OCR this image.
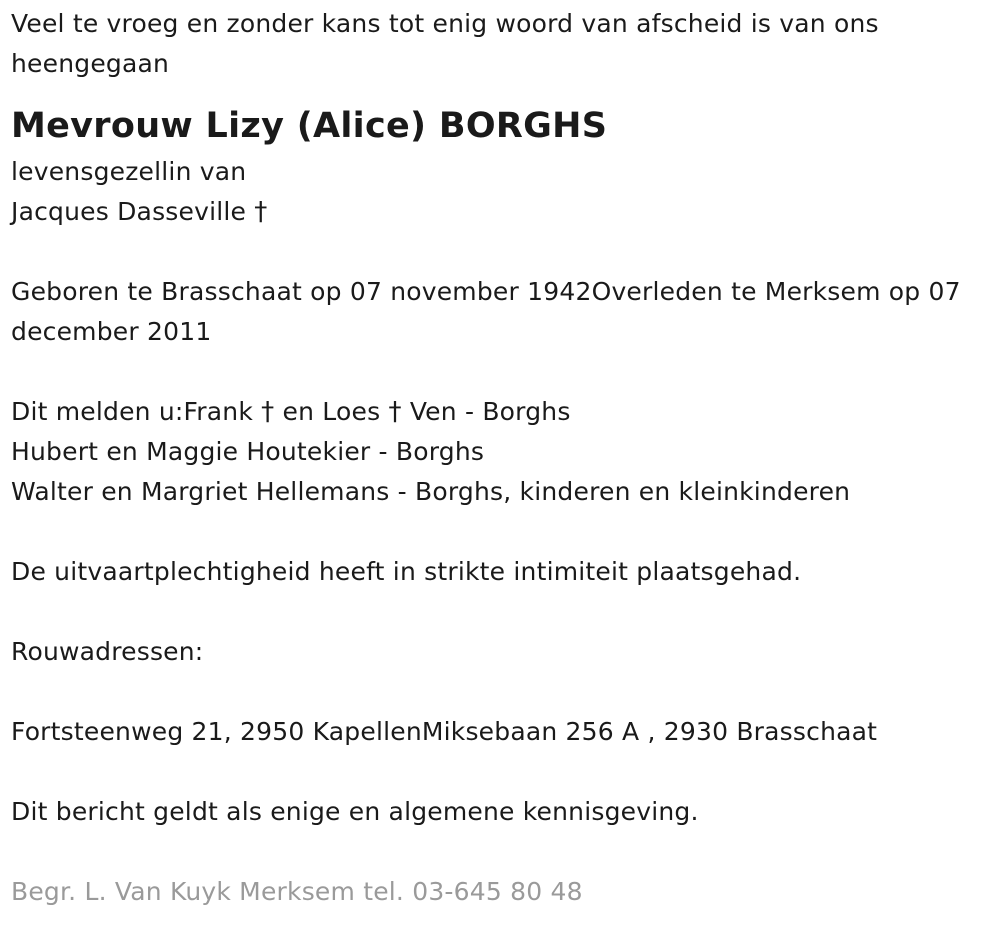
Veel te vroeg en zonder kans tot enig woord van afscheid is van ons heengegaan
Mevrouw Lizy (Alice) BORGHS
levensgezellin van
Jacques Dasseville †
Geboren te Brasschaat op 07 november 1942Overleden te Merksem op 07 december 2011
Dit melden u:Frank † en Loes † Ven - Borghs
Hubert en Maggie Houtekier - Borghs
Walter en Margriet Hellemans - Borghs, kinderen en kleinkinderen
De uitvaartplechtigheid heeft in strikte intimiteit plaatsgehad.
Rouwadressen:
Fortsteenweg 21, 2950 KapellenMiksebaan 256 A , 2930 Brasschaat
Dit bericht geldt als enige en algemene kennisgeving.
Begr. L. Van Kuyk Merksem tel. 03-645 80 48
